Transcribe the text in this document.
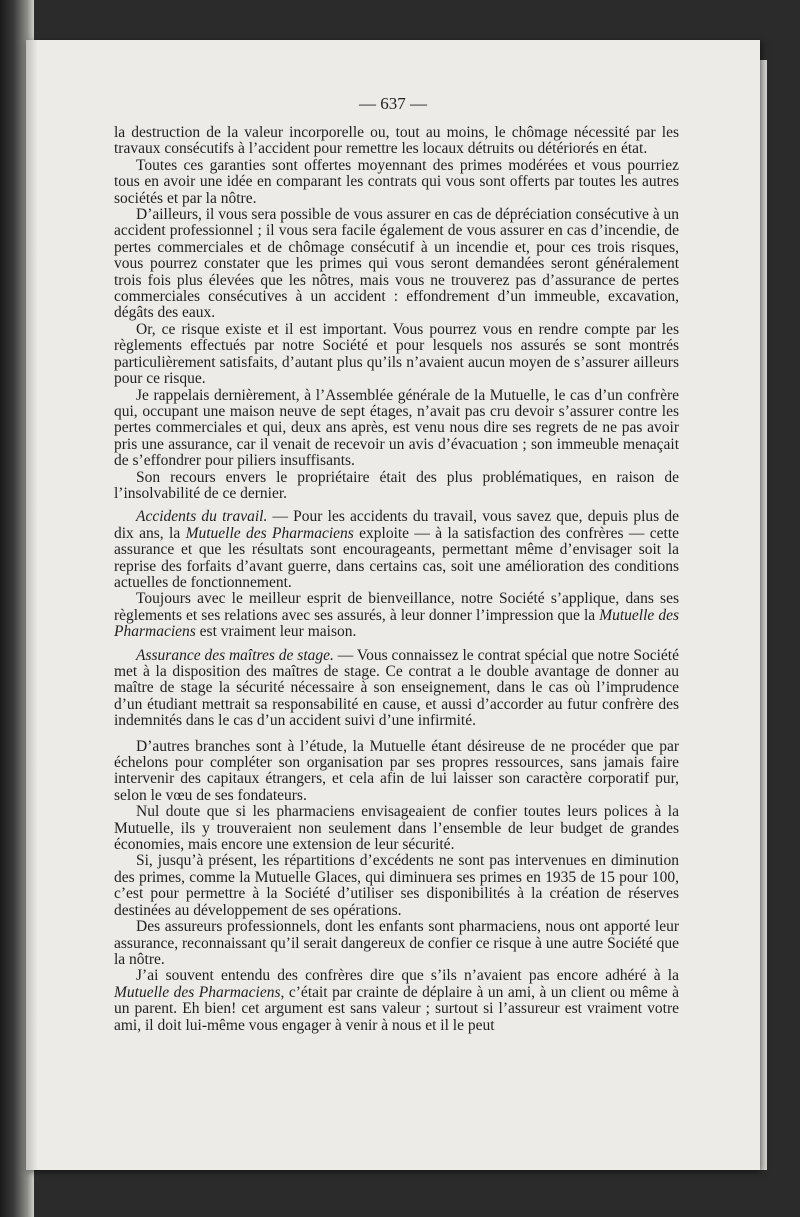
— 637 —

la destruction de la valeur incorporelle ou, tout au moins, le chômage nécessité par les travaux consécutifs à l’accident pour remettre les locaux détruits ou détériorés en état.

Toutes ces garanties sont offertes moyennant des primes modérées et vous pourriez tous en avoir une idée en comparant les contrats qui vous sont offerts par toutes les autres sociétés et par la nôtre.

D’ailleurs, il vous sera possible de vous assurer en cas de dépréciation consécutive à un accident professionnel ; il vous sera facile également de vous assurer en cas d’incendie, de pertes commerciales et de chômage consécutif à un incendie et, pour ces trois risques, vous pourrez constater que les primes qui vous seront demandées seront généralement trois fois plus élevées que les nôtres, mais vous ne trouverez pas d’assurance de pertes commerciales consécutives à un accident : effondrement d’un immeuble, excavation, dégâts des eaux.

Or, ce risque existe et il est important. Vous pourrez vous en rendre compte par les règlements effectués par notre Société et pour lesquels nos assurés se sont montrés particulièrement satisfaits, d’autant plus qu’ils n’avaient aucun moyen de s’assurer ailleurs pour ce risque.

Je rappelais dernièrement, à l’Assemblée générale de la Mutuelle, le cas d’un confrère qui, occupant une maison neuve de sept étages, n’avait pas cru devoir s’assurer contre les pertes commerciales et qui, deux ans après, est venu nous dire ses regrets de ne pas avoir pris une assurance, car il venait de recevoir un avis d’évacuation ; son immeuble menaçait de s’effondrer pour piliers insuffisants.

Son recours envers le propriétaire était des plus problématiques, en raison de l’insolvabilité de ce dernier.

Accidents du travail. — Pour les accidents du travail, vous savez que, depuis plus de dix ans, la Mutuelle des Pharmaciens exploite — à la satisfaction des confrères — cette assurance et que les résultats sont encourageants, permettant même d’envisager soit la reprise des forfaits d’avant guerre, dans certains cas, soit une amélioration des conditions actuelles de fonctionnement.

Toujours avec le meilleur esprit de bienveillance, notre Société s’applique, dans ses règlements et ses relations avec ses assurés, à leur donner l’impression que la Mutuelle des Pharmaciens est vraiment leur maison.

Assurance des maîtres de stage. — Vous connaissez le contrat spécial que notre Société met à la disposition des maîtres de stage. Ce contrat a le double avantage de donner au maître de stage la sécurité nécessaire à son enseignement, dans le cas où l’imprudence d’un étudiant mettrait sa responsabilité en cause, et aussi d’accorder au futur confrère des indemnités dans le cas d’un accident suivi d’une infirmité.

D’autres branches sont à l’étude, la Mutuelle étant désireuse de ne procéder que par échelons pour compléter son organisation par ses propres ressources, sans jamais faire intervenir des capitaux étrangers, et cela afin de lui laisser son caractère corporatif pur, selon le vœu de ses fondateurs.

Nul doute que si les pharmaciens envisageaient de confier toutes leurs polices à la Mutuelle, ils y trouveraient non seulement dans l’ensemble de leur budget de grandes économies, mais encore une extension de leur sécurité.

Si, jusqu’à présent, les répartitions d’excédents ne sont pas intervenues en diminution des primes, comme la Mutuelle Glaces, qui diminuera ses primes en 1935 de 15 pour 100, c’est pour permettre à la Société d’utiliser ses disponibilités à la création de réserves destinées au développement de ses opérations.

Des assureurs professionnels, dont les enfants sont pharmaciens, nous ont apporté leur assurance, reconnaissant qu’il serait dangereux de confier ce risque à une autre Société que la nôtre.

J’ai souvent entendu des confrères dire que s’ils n’avaient pas encore adhéré à la Mutuelle des Pharmaciens, c’était par crainte de déplaire à un ami, à un client ou même à un parent. Eh bien! cet argument est sans valeur ; surtout si l’assureur est vraiment votre ami, il doit lui-même vous engager à venir à nous et il le peut
